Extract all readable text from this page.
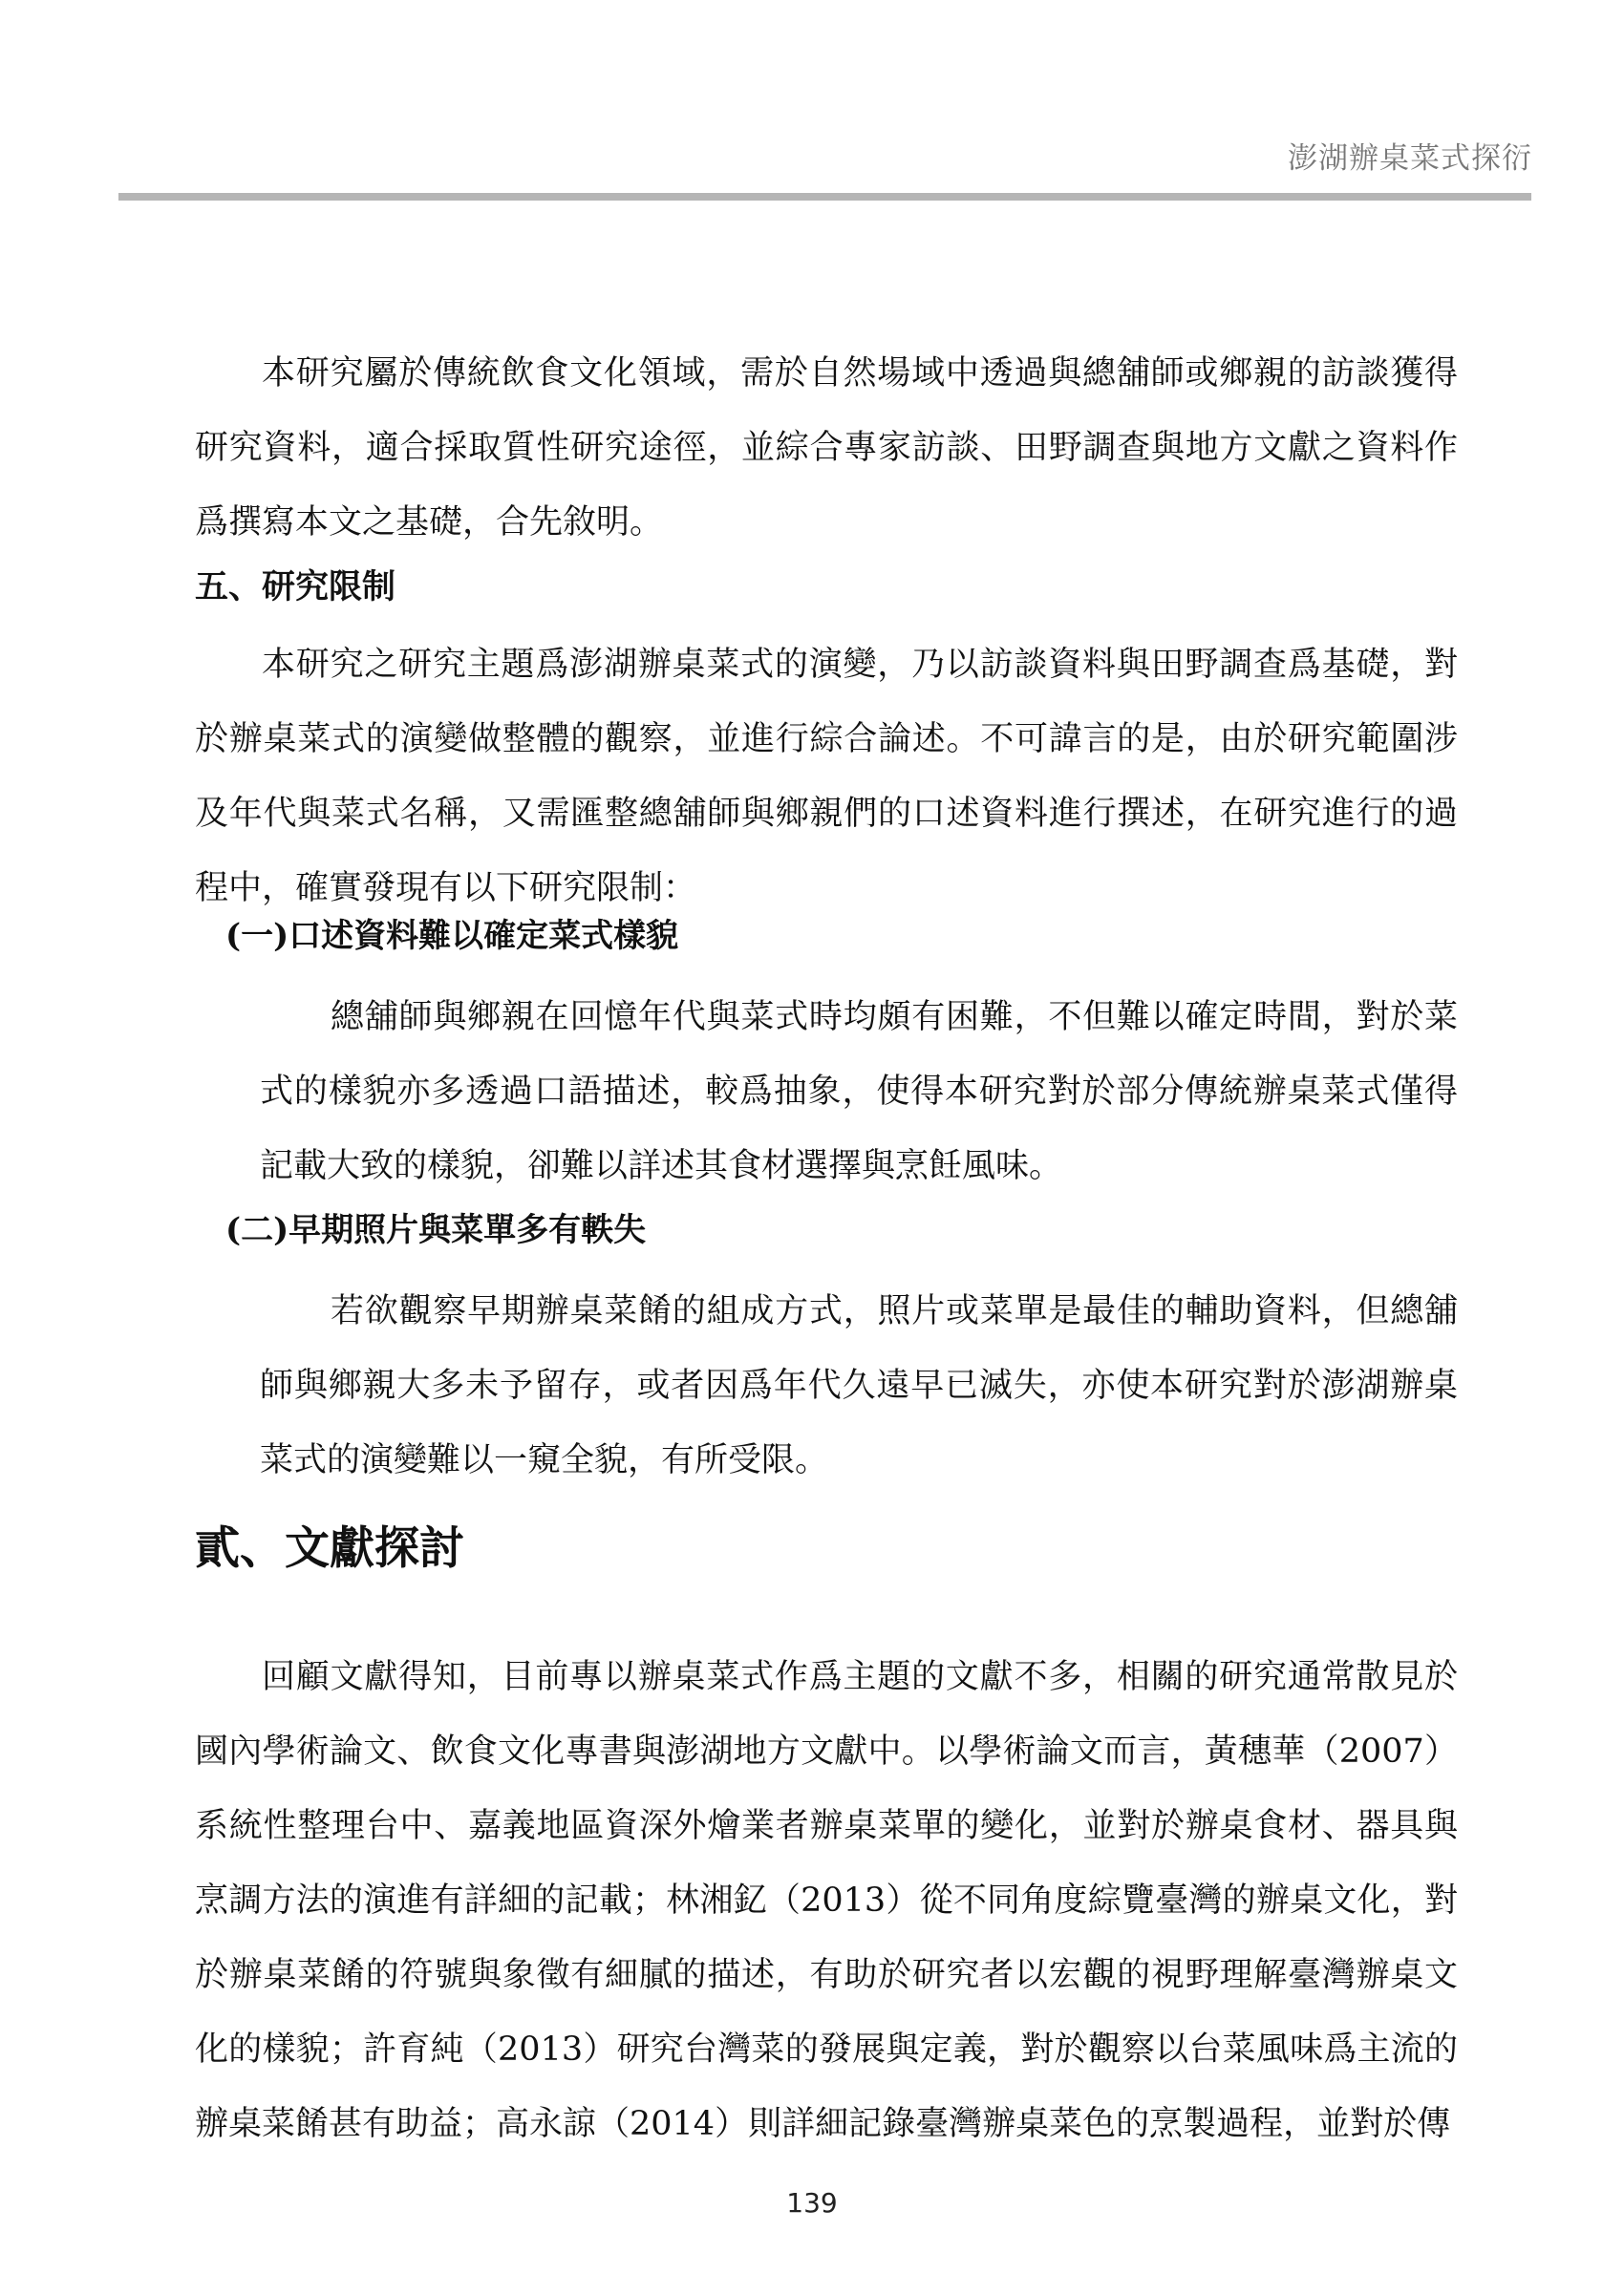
澎湖辦桌菜式探衍

本研究屬於傳統飲食文化領域，需於自然場域中透過與總舖師或鄉親的訪談獲得研究資料，適合採取質性研究途徑，並綜合專家訪談、田野調查與地方文獻之資料作爲撰寫本文之基礎，合先敘明。

五、研究限制

本研究之研究主題爲澎湖辦桌菜式的演變，乃以訪談資料與田野調查爲基礎，對於辦桌菜式的演變做整體的觀察，並進行綜合論述。不可諱言的是，由於研究範圍涉及年代與菜式名稱，又需匯整總舖師與鄉親們的口述資料進行撰述，在研究進行的過程中，確實發現有以下研究限制：

(一)口述資料難以確定菜式樣貌

總舖師與鄉親在回憶年代與菜式時均頗有困難，不但難以確定時間，對於菜式的樣貌亦多透過口語描述，較爲抽象，使得本研究對於部分傳統辦桌菜式僅得記載大致的樣貌，卻難以詳述其食材選擇與烹飪風味。

(二)早期照片與菜單多有軼失

若欲觀察早期辦桌菜餚的組成方式，照片或菜單是最佳的輔助資料，但總舖師與鄉親大多未予留存，或者因爲年代久遠早已滅失，亦使本研究對於澎湖辦桌菜式的演變難以一窺全貌，有所受限。

貳、文獻探討

回顧文獻得知，目前專以辦桌菜式作爲主題的文獻不多，相關的研究通常散見於國內學術論文、飲食文化專書與澎湖地方文獻中。以學術論文而言，黃穗華（2007）系統性整理台中、嘉義地區資深外燴業者辦桌菜單的變化，並對於辦桌食材、器具與烹調方法的演進有詳細的記載；林湘釔（2013）從不同角度綜覽臺灣的辦桌文化，對於辦桌菜餚的符號與象徵有細膩的描述，有助於研究者以宏觀的視野理解臺灣辦桌文化的樣貌；許育純（2013）研究台灣菜的發展與定義，對於觀察以台菜風味爲主流的辦桌菜餚甚有助益；高永諒（2014）則詳細記錄臺灣辦桌菜色的烹製過程，並對於傳

139
